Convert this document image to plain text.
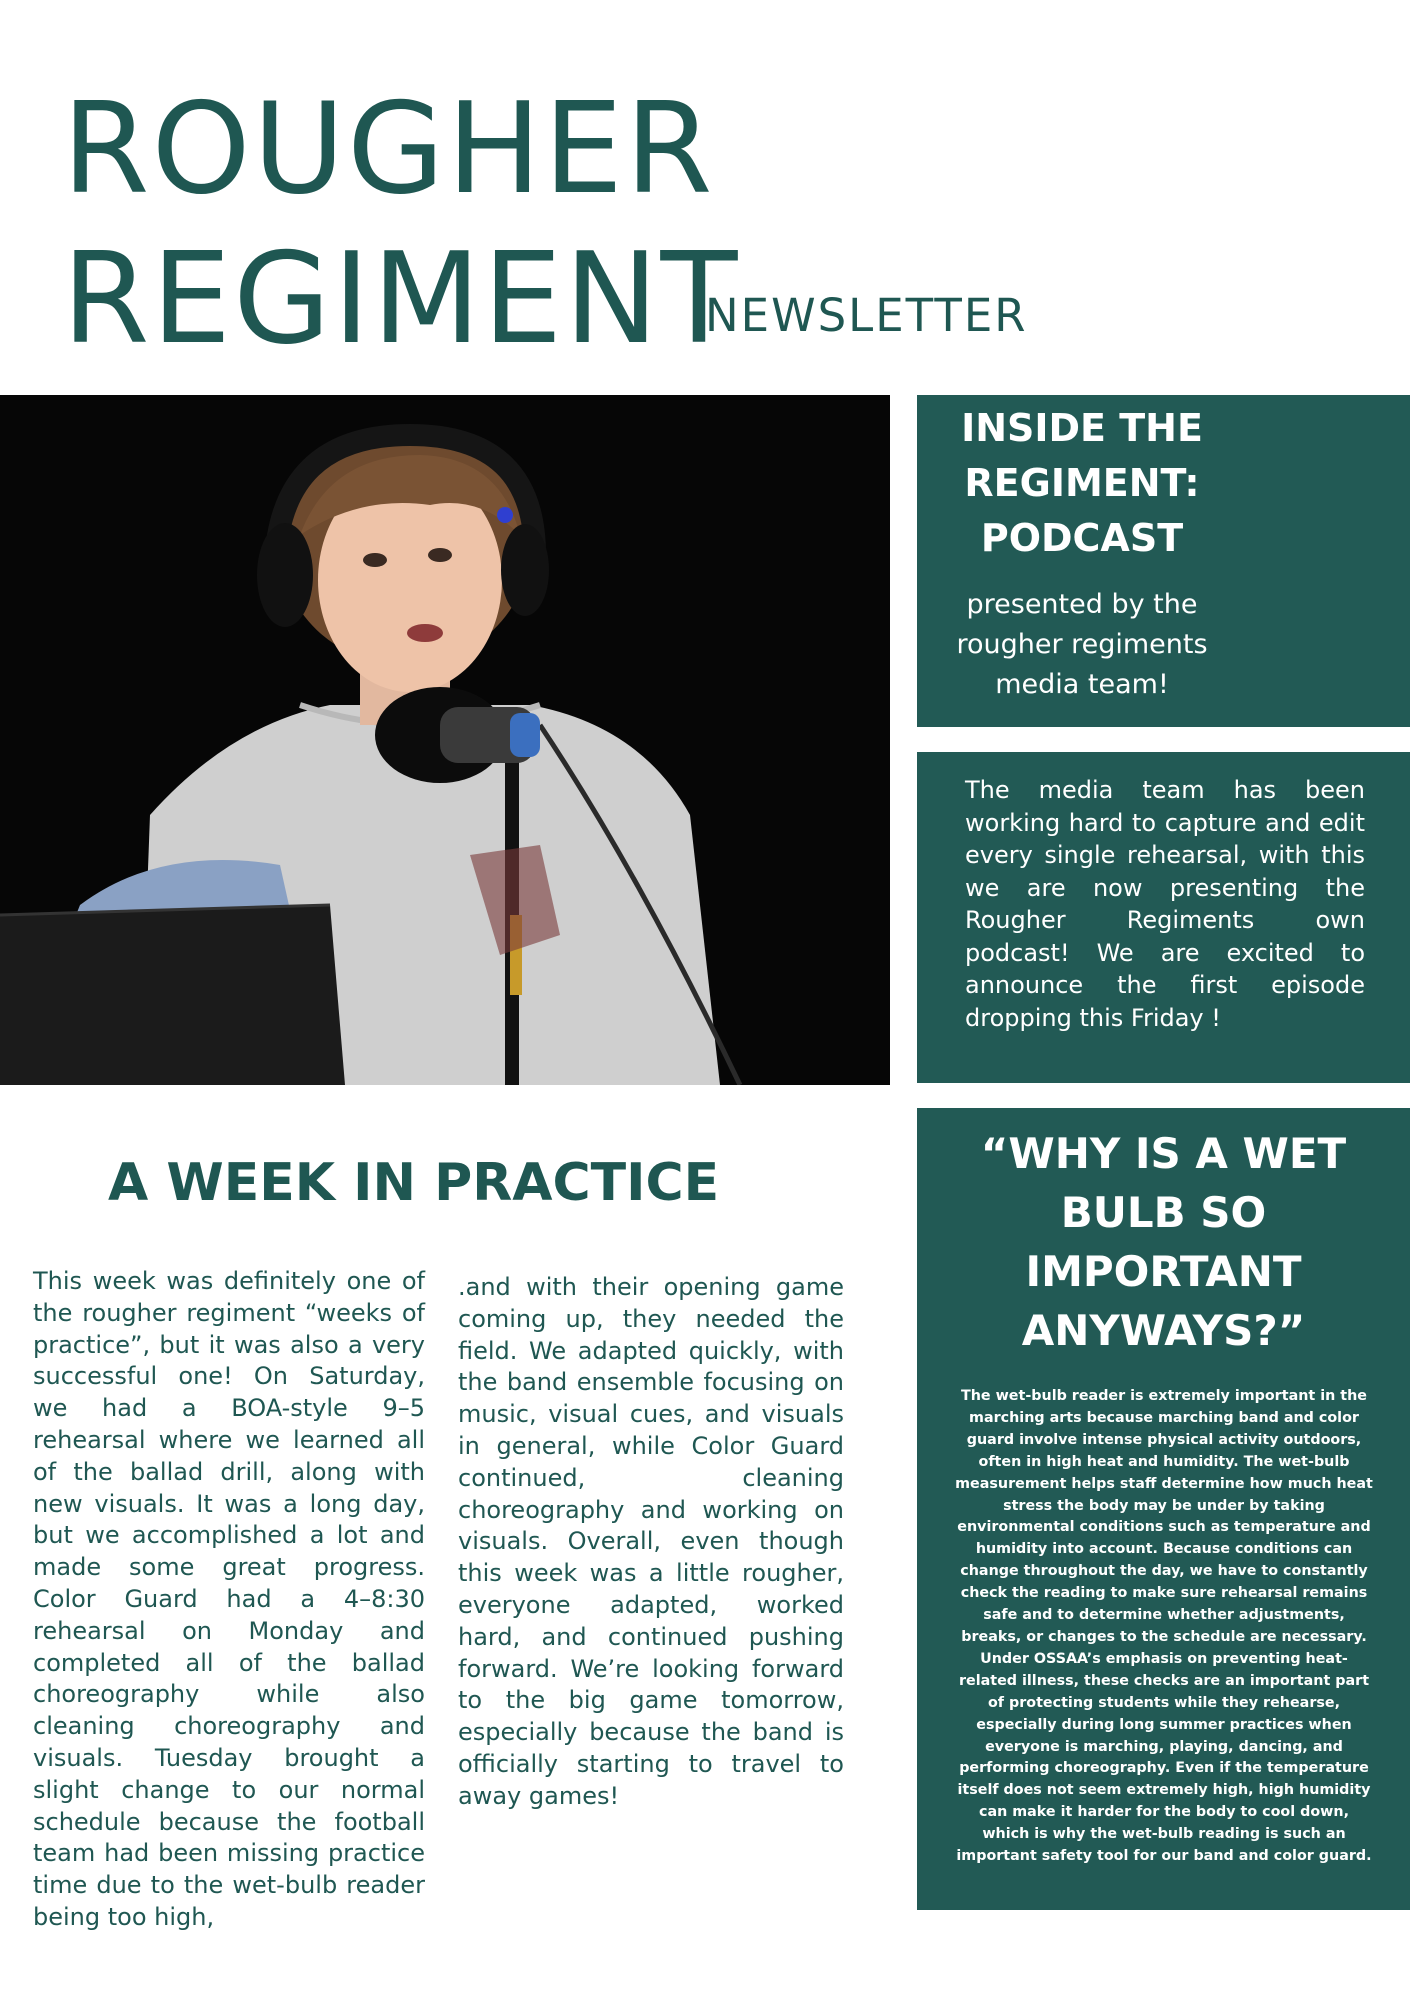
ROUGHER
REGIMENT
NEWSLETTER
INSIDE THE
REGIMENT:
PODCAST
presented by the
rougher regiments
media team!
The media team has been working hard to capture and edit every single rehearsal, with this we are now presenting the Rougher Regiments own podcast! We are excited to announce the first episode dropping this Friday !
“WHY IS A WET
BULB SO
IMPORTANT
ANYWAYS?”
The wet-bulb reader is extremely important in the marching arts because marching band and color guard involve intense physical activity outdoors, often in high heat and humidity. The wet-bulb measurement helps staff determine how much heat stress the body may be under by taking environmental conditions such as temperature and humidity into account. Because conditions can change throughout the day, we have to constantly check the reading to make sure rehearsal remains safe and to determine whether adjustments, breaks, or changes to the schedule are necessary. Under OSSAA’s emphasis on preventing heat-related illness, these checks are an important part of protecting students while they rehearse, especially during long summer practices when everyone is marching, playing, dancing, and performing choreography. Even if the temperature itself does not seem extremely high, high humidity can make it harder for the body to cool down, which is why the wet-bulb reading is such an important safety tool for our band and color guard.
A WEEK IN PRACTICE
This week was definitely one of the rougher regiment “weeks of practice”, but it was also a very successful one! On Saturday, we had a BOA-style 9–5 rehearsal where we learned all of the ballad drill, along with new visuals. It was a long day, but we accomplished a lot and made some great progress. Color Guard had a 4–8:30 rehearsal on Monday and completed all of the ballad choreography while also cleaning choreography and visuals. Tuesday brought a slight change to our normal schedule because the football team had been missing practice time due to the wet-bulb reader being too high,
.and with their opening game coming up, they needed the field. We adapted quickly, with the band ensemble focusing on music, visual cues, and visuals in general, while Color Guard continued, cleaning choreography and working on visuals. Overall, even though this week was a little rougher, everyone adapted, worked hard, and continued pushing forward. We’re looking forward to the big game tomorrow, especially because the band is officially starting to travel to away games!
